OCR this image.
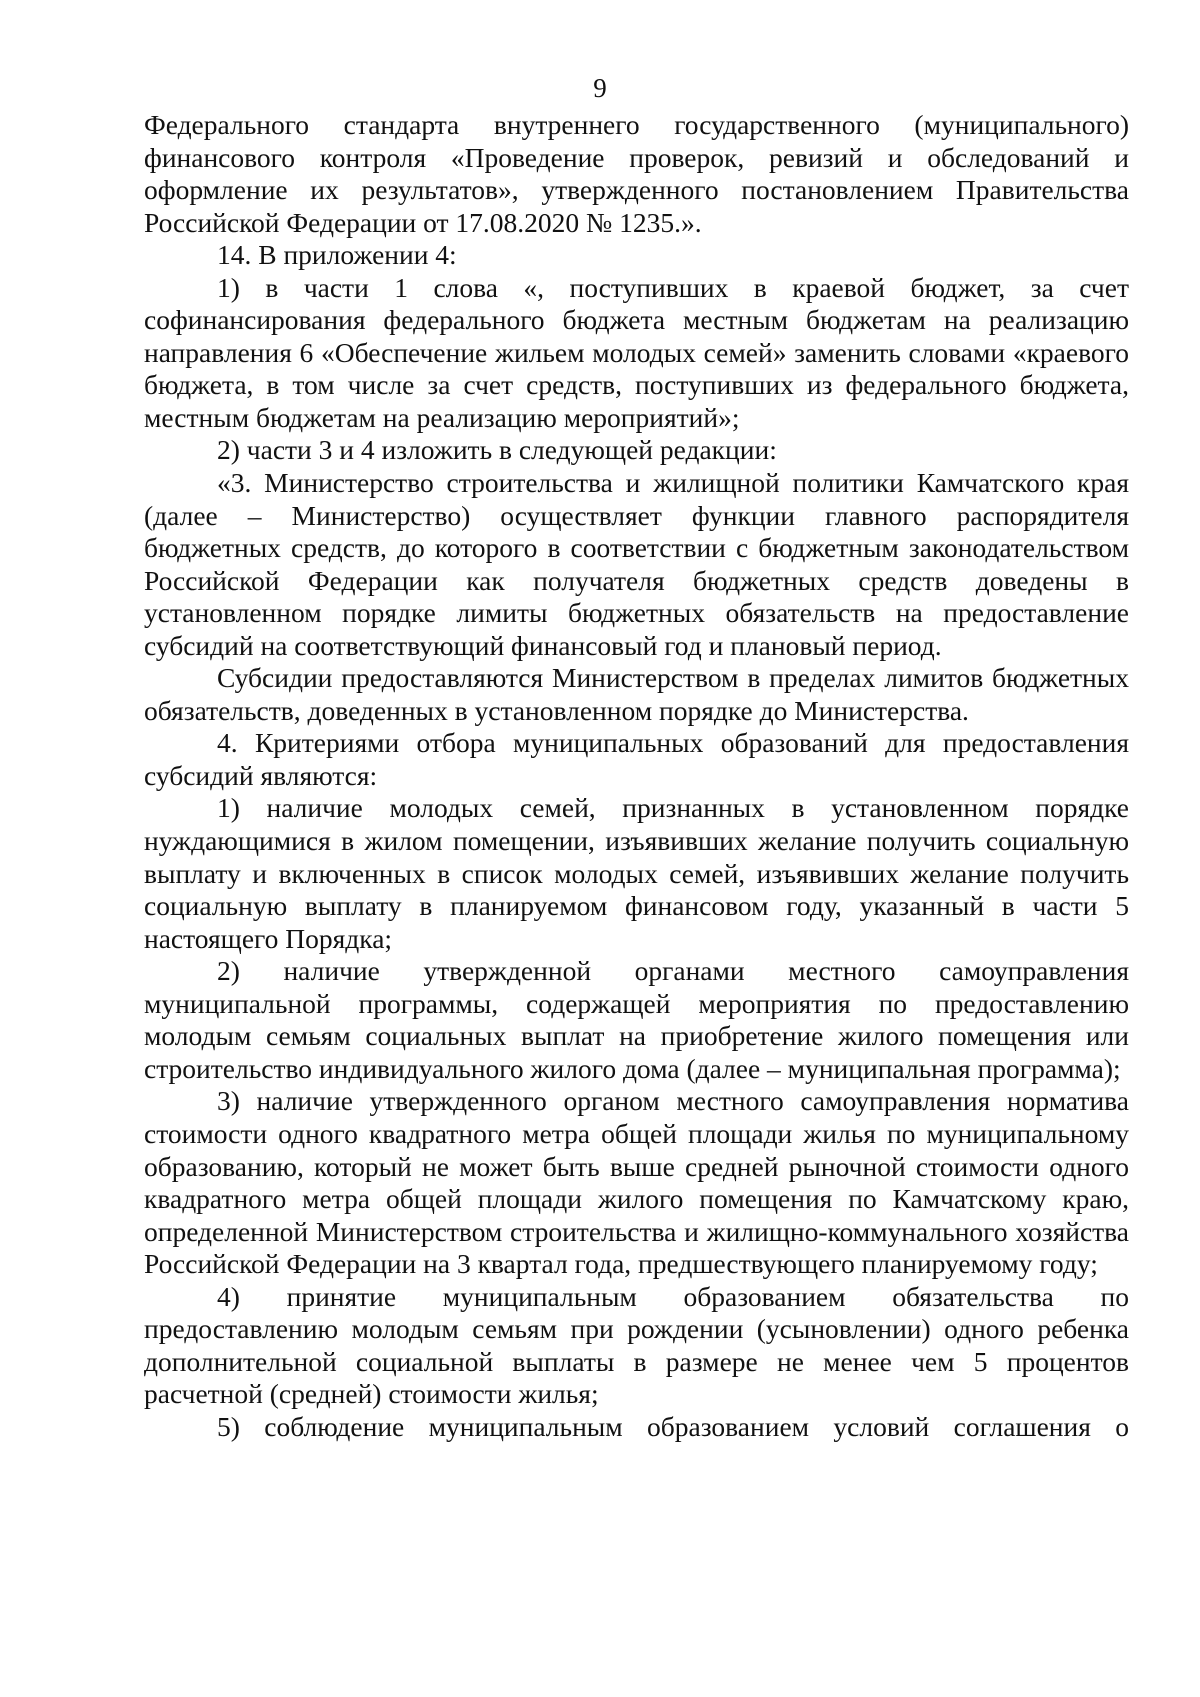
9

Федерального стандарта внутреннего государственного (муниципального) финансового контроля «Проведение проверок, ревизий и обследований и оформление их результатов», утвержденного постановлением Правительства Российской Федерации от 17.08.2020 № 1235.».

14. В приложении 4:

1) в части 1 слова «, поступивших в краевой бюджет, за счет софинансирования федерального бюджета местным бюджетам на реализацию направления 6 «Обеспечение жильем молодых семей» заменить словами «краевого бюджета, в том числе за счет средств, поступивших из федерального бюджета, местным бюджетам на реализацию мероприятий»;

2) части 3 и 4 изложить в следующей редакции:

«3. Министерство строительства и жилищной политики Камчатского края (далее – Министерство) осуществляет функции главного распорядителя бюджетных средств, до которого в соответствии с бюджетным законодательством Российской Федерации как получателя бюджетных средств доведены в установленном порядке лимиты бюджетных обязательств на предоставление субсидий на соответствующий финансовый год и плановый период.

Субсидии предоставляются Министерством в пределах лимитов бюджетных обязательств, доведенных в установленном порядке до Министерства.

4. Критериями отбора муниципальных образований для предоставления субсидий являются:

1) наличие молодых семей, признанных в установленном порядке нуждающимися в жилом помещении, изъявивших желание получить социальную выплату и включенных в список молодых семей, изъявивших желание получить социальную выплату в планируемом финансовом году, указанный в части 5 настоящего Порядка;

2) наличие утвержденной органами местного самоуправления муниципальной программы, содержащей мероприятия по предоставлению молодым семьям социальных выплат на приобретение жилого помещения или строительство индивидуального жилого дома (далее – муниципальная программа);

3) наличие утвержденного органом местного самоуправления норматива стоимости одного квадратного метра общей площади жилья по муниципальному образованию, который не может быть выше средней рыночной стоимости одного квадратного метра общей площади жилого помещения по Камчатскому краю, определенной Министерством строительства и жилищно-коммунального хозяйства Российской Федерации на 3 квартал года, предшествующего планируемому году;

4) принятие муниципальным образованием обязательства по предоставлению молодым семьям при рождении (усыновлении) одного ребенка дополнительной социальной выплаты в размере не менее чем 5 процентов расчетной (средней) стоимости жилья;

5) соблюдение муниципальным образованием условий соглашения о
